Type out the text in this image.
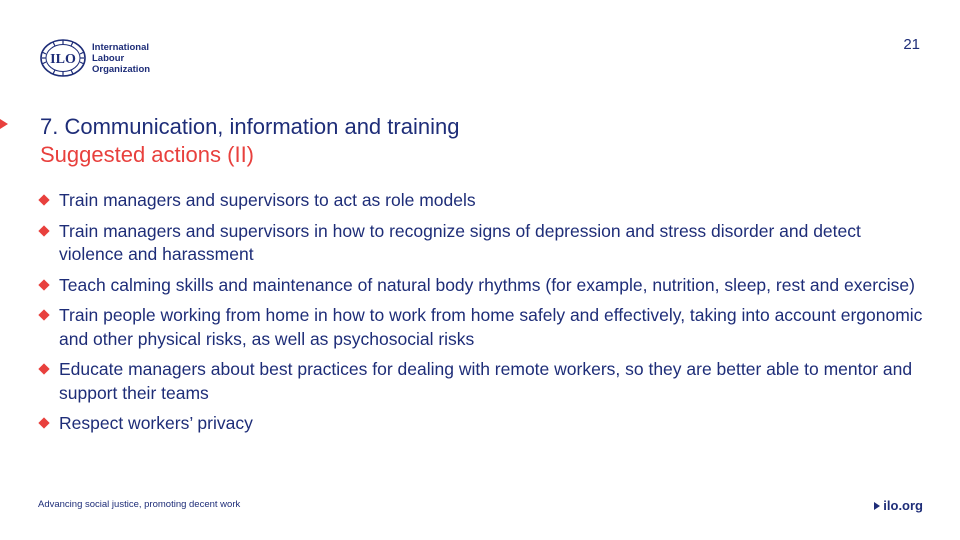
ILO
International
Labour
Organization
21
7. Communication, information and training
Suggested actions (II)
Train managers and supervisors to act as role models
Train managers and supervisors in how to recognize signs of depression and stress disorder and detect violence and harassment
Teach calming skills and maintenance of natural body rhythms (for example, nutrition, sleep, rest and exercise)
Train people working from home in how to work from home safely and effectively, taking into account ergonomic and other physical risks, as well as psychosocial risks
Educate managers about best practices for dealing with remote workers, so they are better able to mentor and support their teams
Respect workers’ privacy
Advancing social justice, promoting decent work	ilo.org
